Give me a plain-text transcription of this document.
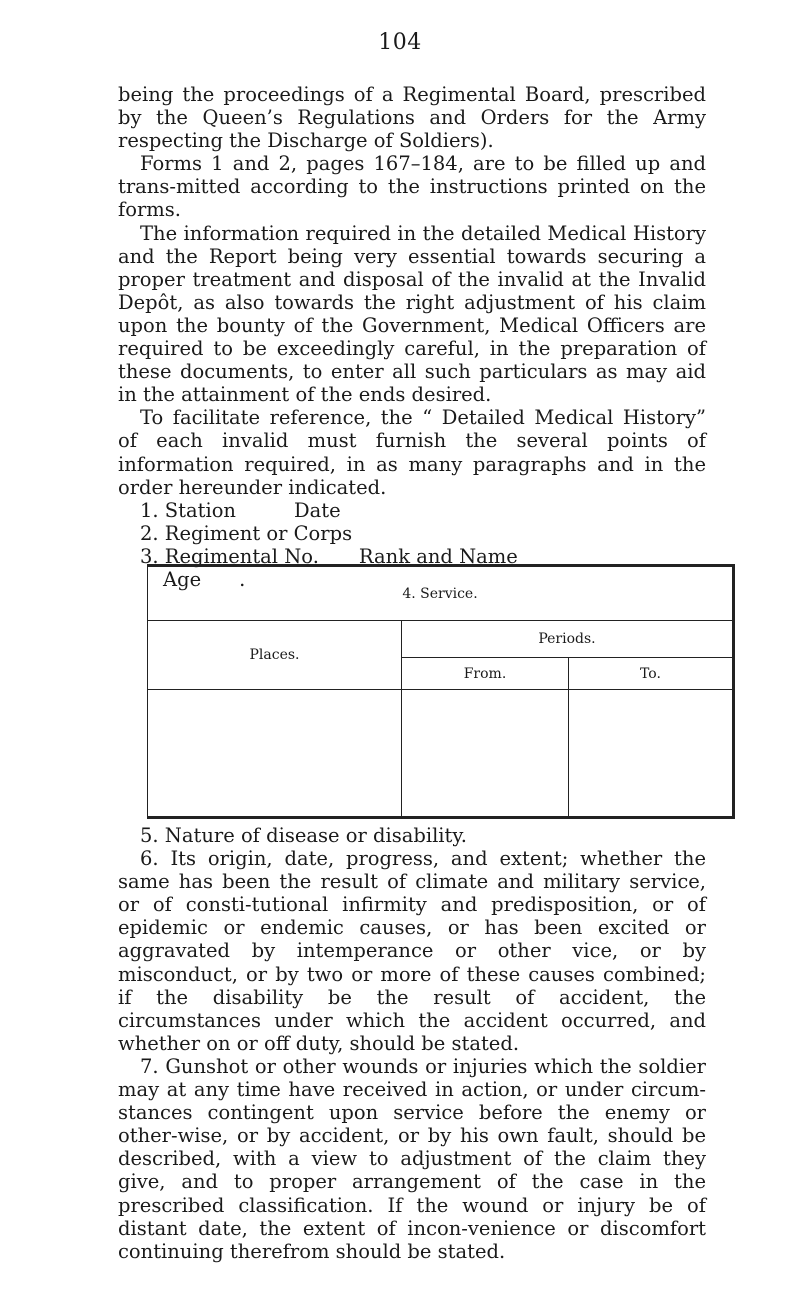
104

being the proceedings of a Regimental Board, prescribed by the Queen’s Regulations and Orders for the Army respecting the Discharge of Soldiers).

Forms 1 and 2, pages 167–184, are to be filled up and trans-mitted according to the instructions printed on the forms.

The information required in the detailed Medical History and the Report being very essential towards securing a proper treatment and disposal of the invalid at the Invalid Depôt, as also towards the right adjustment of his claim upon the bounty of the Government, Medical Officers are required to be exceedingly careful, in the preparation of these documents, to enter all such particulars as may aid in the attainment of the ends desired.

To facilitate reference, the “ Detailed Medical History” of each invalid must furnish the several points of information required, in as many paragraphs and in the order hereunder indicated.

1. Station	Date

2. Regiment or Corps

3. Regimental No. Rank and Name

Age .

4. Service.		
Places.	Periods.	
	From.	To.

5. Nature of disease or disability.

6. Its origin, date, progress, and extent; whether the same has been the result of climate and military service, or of consti-tutional infirmity and predisposition, or of epidemic or endemic causes, or has been excited or aggravated by intemperance or other vice, or by misconduct, or by two or more of these causes combined; if the disability be the result of accident, the circumstances under which the accident occurred, and whether on or off duty, should be stated.

7. Gunshot or other wounds or injuries which the soldier may at any time have received in action, or under circum-stances contingent upon service before the enemy or other-wise, or by accident, or by his own fault, should be described, with a view to adjustment of the claim they give, and to proper arrangement of the case in the prescribed classification. If the wound or injury be of distant date, the extent of incon-venience or discomfort continuing therefrom should be stated.
